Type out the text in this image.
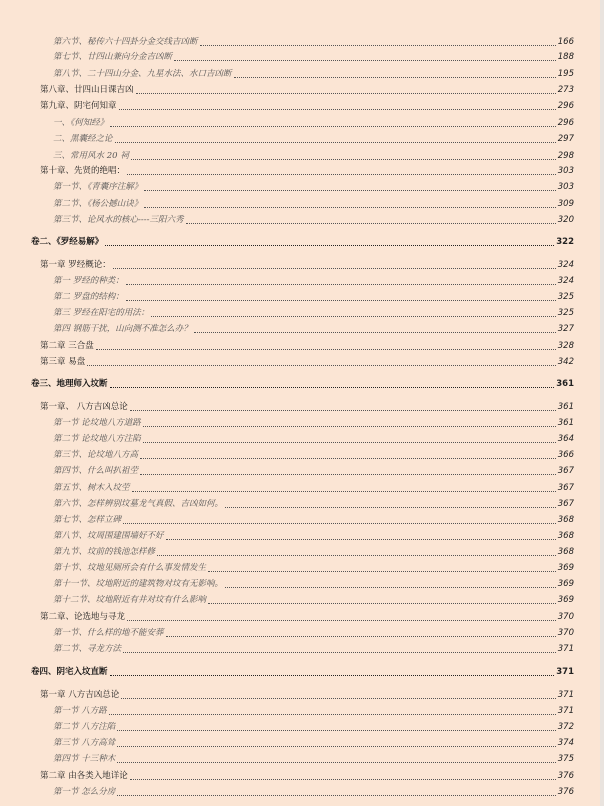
第六节、秘传六十四卦分金交线吉凶断	166
第七节、廿四山兼向分金吉凶断	188
第八节、二十四山分金、九星水法、水口吉凶断	195
第八章、廿四山日课吉凶	273
第九章、阴宅何知章	296
一、《何知经》	296
二、黑囊经之论	297
三、常用风水 20 祠	298
第十章、先贤的绝唱：	303
第一节、《青囊序注解》	303
第二节、《杨公撼山诀》	309
第三节、论风水的核心----三阳六秀	320
卷二、《罗经易解》	322
第一章 罗经概论：	324
第一 罗经的种类：	324
第二 罗盘的结构：	325
第三 罗经在阳宅的用法：	325
第四 钢筋干扰，山向测不准怎么办？	327
第二章 三合盘	328
第三章 易盘	342
卷三、地理师入坟断	361
第一章、 八方吉凶总论	361
第一节 论坟地八方道路	361
第二节 论坟地八方注陷	364
第三节、论坟地八方高	366
第四节、什么叫扒祖茔	367
第五节、树木入坟茔	367
第六节、怎样辨别坟墓龙气真假、吉凶如何。	367
第七节、怎样立碑	368
第八节、坟周围建围墙好不好	368
第九节、坟前的钱池怎样修	368
第十节、坟地见厕所会有什么事发情发生	369
第十一节、坟地附近的建筑物对坟有无影响。	369
第十二节、坟地附近有井对坟有什么影响	369
第二章、论选地与寻龙	370
第一节、什么样的地不能安葬	370
第二节、寻龙方法	371
卷四、阴宅入坟直断	371
第一章 八方吉凶总论	371
第一节 八方路	371
第二节 八方注陷	372
第三节 八方高耸	374
第四节 十三种木	375
第二章 由各类入地详论	376
第一节 怎么分房	376
